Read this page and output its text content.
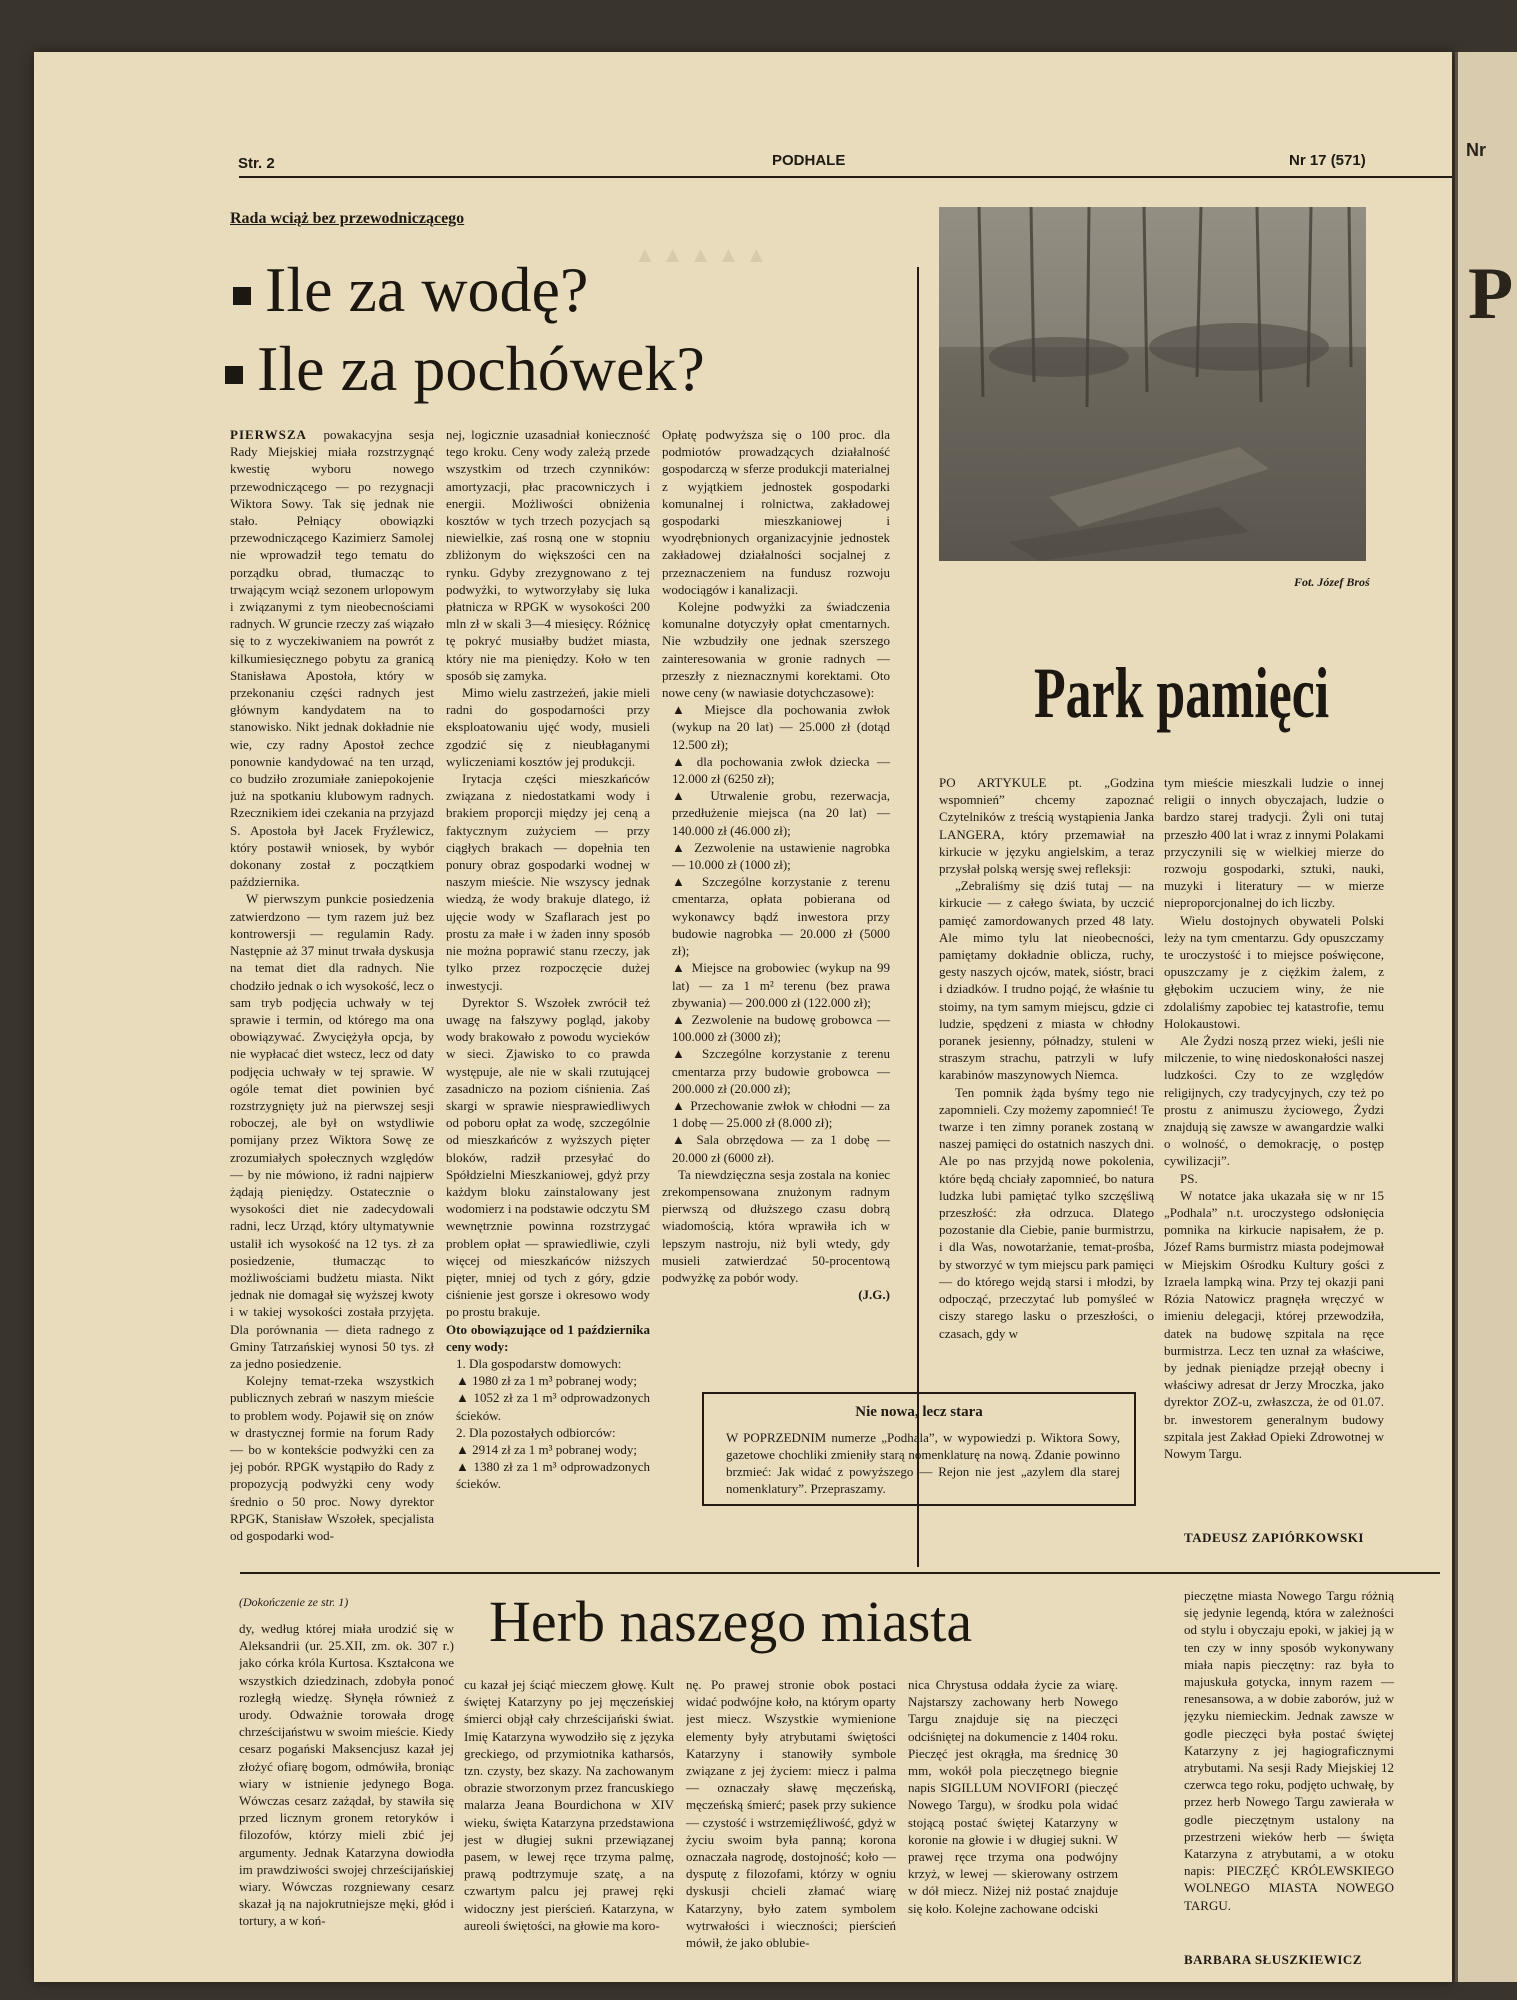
Str. 2	PODHALE	Nr 17 (571)
▲ ▲ ▲ ▲ ▲
Rada wciąż bez przewodniczącego
Ile za wodę?
Ile za pochówek?

PIERWSZA powakacyjna sesja Rady Miejskiej miała rozstrzygnąć kwestię wyboru nowego przewodniczącego — po rezygnacji Wiktora Sowy. Tak się jednak nie stało. Pełniący obowiązki przewodniczącego Kazimierz Samolej nie wprowadził tego tematu do porządku obrad, tłumacząc to trwającym wciąż sezonem urlopowym i związanymi z tym nieobecnościami radnych. W gruncie rzeczy zaś wiązało się to z wyczekiwaniem na powrót z kilkumiesięcznego pobytu za granicą Stanisława Apostoła, który w przekonaniu części radnych jest głównym kandydatem na to stanowisko. Nikt jednak dokładnie nie wie, czy radny Apostoł zechce ponownie kandydować na ten urząd, co budziło zrozumiałe zaniepokojenie już na spotkaniu klubowym radnych. Rzecznikiem idei czekania na przyjazd S. Apostoła był Jacek Fryźlewicz, który postawił wniosek, by wybór dokonany został z początkiem października.

W pierwszym punkcie posiedzenia zatwierdzono — tym razem już bez kontrowersji — regulamin Rady. Następnie aż 37 minut trwała dyskusja na temat diet dla radnych. Nie chodziło jednak o ich wysokość, lecz o sam tryb podjęcia uchwały w tej sprawie i termin, od którego ma ona obowiązywać. Zwyciężyła opcja, by nie wypłacać diet wstecz, lecz od daty podjęcia uchwały w tej sprawie. W ogóle temat diet powinien być rozstrzygnięty już na pierwszej sesji roboczej, ale był on wstydliwie pomijany przez Wiktora Sowę ze zrozumiałych społecznych względów — by nie mówiono, iż radni najpierw żądają pieniędzy. Ostatecznie o wysokości diet nie zadecydowali radni, lecz Urząd, który ultymatywnie ustalił ich wysokość na 12 tys. zł za posiedzenie, tłumacząc to możliwościami budżetu miasta. Nikt jednak nie domagał się wyższej kwoty i w takiej wysokości została przyjęta. Dla porównania — dieta radnego z Gminy Tatrzańskiej wynosi 50 tys. zł za jedno posiedzenie.

Kolejny temat-rzeka wszystkich publicznych zebrań w naszym mieście to problem wody. Pojawił się on znów w drastycznej formie na forum Rady — bo w kontekście podwyżki cen za jej pobór. RPGK wystąpiło do Rady z propozycją podwyżki ceny wody średnio o 50 proc. Nowy dyrektor RPGK, Stanisław Wszołek, specjalista od gospodarki wod-

nej, logicznie uzasadniał konieczność tego kroku. Ceny wody zależą przede wszystkim od trzech czynników: amortyzacji, płac pracowniczych i energii. Możliwości obniżenia kosztów w tych trzech pozycjach są niewielkie, zaś rosną one w stopniu zbliżonym do większości cen na rynku. Gdyby zrezygnowano z tej podwyżki, to wytworzyłaby się luka płatnicza w RPGK w wysokości 200 mln zł w skali 3—4 miesięcy. Różnicę tę pokryć musiałby budżet miasta, który nie ma pieniędzy. Koło w ten sposób się zamyka.

Mimo wielu zastrzeżeń, jakie mieli radni do gospodarności przy eksploatowaniu ujęć wody, musieli zgodzić się z nieubłaganymi wyliczeniami kosztów jej produkcji.

Irytacja części mieszkańców związana z niedostatkami wody i brakiem proporcji między jej ceną a faktycznym zużyciem — przy ciągłych brakach — dopełnia ten ponury obraz gospodarki wodnej w naszym mieście. Nie wszyscy jednak wiedzą, że wody brakuje dlatego, iż ujęcie wody w Szaflarach jest po prostu za małe i w żaden inny sposób nie można poprawić stanu rzeczy, jak tylko przez rozpoczęcie dużej inwestycji.

Dyrektor S. Wszołek zwrócił też uwagę na fałszywy pogląd, jakoby wody brakowało z powodu wycieków w sieci. Zjawisko to co prawda występuje, ale nie w skali rzutującej zasadniczo na poziom ciśnienia. Zaś skargi w sprawie niesprawiedliwych od poboru opłat za wodę, szczególnie od mieszkańców z wyższych pięter bloków, radził przesyłać do Spółdzielni Mieszkaniowej, gdyż przy każdym bloku zainstalowany jest wodomierz i na podstawie odczytu SM wewnętrznie powinna rozstrzygać problem opłat — sprawiedliwie, czyli więcej od mieszkańców niższych pięter, mniej od tych z góry, gdzie ciśnienie jest gorsze i okresowo wody po prostu brakuje.

Oto obowiązujące od 1 października ceny wody:

1. Dla gospodarstw domowych:

▲ 1980 zł za 1 m³ pobranej wody;

▲ 1052 zł za 1 m³ odprowadzonych ścieków.

2. Dla pozostałych odbiorców:

▲ 2914 zł za 1 m³ pobranej wody;

▲ 1380 zł za 1 m³ odprowadzonych ścieków.

Opłatę podwyższa się o 100 proc. dla podmiotów prowadzących działalność gospodarczą w sferze produkcji materialnej z wyjątkiem jednostek gospodarki komunalnej i rolnictwa, zakładowej gospodarki mieszkaniowej i wyodrębnionych organizacyjnie jednostek zakładowej działalności socjalnej z przeznaczeniem na fundusz rozwoju wodociągów i kanalizacji.

Kolejne podwyżki za świadczenia komunalne dotyczyły opłat cmentarnych. Nie wzbudziły one jednak szerszego zainteresowania w gronie radnych — przeszły z nieznacznymi korektami. Oto nowe ceny (w nawiasie dotychczasowe):

▲ Miejsce dla pochowania zwłok (wykup na 20 lat) — 25.000 zł (dotąd 12.500 zł);

▲ dla pochowania zwłok dziecka — 12.000 zł (6250 zł);

▲ Utrwalenie grobu, rezerwacja, przedłużenie miejsca (na 20 lat) — 140.000 zł (46.000 zł);

▲ Zezwolenie na ustawienie nagrobka — 10.000 zł (1000 zł);

▲ Szczególne korzystanie z terenu cmentarza, opłata pobierana od wykonawcy bądź inwestora przy budowie nagrobka — 20.000 zł (5000 zł);

▲ Miejsce na grobowiec (wykup na 99 lat) — za 1 m² terenu (bez prawa zbywania) — 200.000 zł (122.000 zł);

▲ Zezwolenie na budowę grobowca — 100.000 zł (3000 zł);

▲ Szczególne korzystanie z terenu cmentarza przy budowie grobowca — 200.000 zł (20.000 zł);

▲ Przechowanie zwłok w chłodni — za 1 dobę — 25.000 zł (8.000 zł);

▲ Sala obrzędowa — za 1 dobę — 20.000 zł (6000 zł).

Ta niewdzięczna sesja zostala na koniec zrekompensowana znużonym radnym pierwszą od dłuższego czasu dobrą wiadomością, która wprawiła ich w lepszym nastroju, niż byli wtedy, gdy musieli zatwierdzać 50-procentową podwyżkę za pobór wody.

(J.G.)

Fot. Józef Broś
Park pamięci

PO ARTYKULE pt. „Godzina wspomnień” chcemy zapoznać Czytelników z treścią wystąpienia Janka LANGERA, który przemawiał na kirkucie w języku angielskim, a teraz przysłał polską wersję swej refleksji:

„Zebraliśmy się dziś tutaj — na kirkucie — z całego świata, by uczcić pamięć zamordowanych przed 48 laty. Ale mimo tylu lat nieobecności, pamiętamy dokładnie oblicza, ruchy, gesty naszych ojców, matek, sióstr, braci i dziadków. I trudno pojąć, że właśnie tu stoimy, na tym samym miejscu, gdzie ci ludzie, spędzeni z miasta w chłodny poranek jesienny, półnadzy, stuleni w straszym strachu, patrzyli w lufy karabinów maszynowych Niemca.

Ten pomnik żąda byśmy tego nie zapomnieli. Czy możemy zapomnieć! Te twarze i ten zimny poranek zostaną w naszej pamięci do ostatnich naszych dni. Ale po nas przyjdą nowe pokolenia, które będą chciały zapomnieć, bo natura ludzka lubi pamiętać tylko szczęśliwą przeszłość: zła odrzuca. Dlatego pozostanie dla Ciebie, panie burmistrzu, i dla Was, nowotarżanie, temat-prośba, by stworzyć w tym miejscu park pamięci — do którego wejdą starsi i młodzi, by odpocząć, przeczytać lub pomyśleć w ciszy starego lasku o przeszłości, o czasach, gdy w

tym mieście mieszkali ludzie o innej religii o innych obyczajach, ludzie o bardzo starej tradycji. Żyli oni tutaj przeszło 400 lat i wraz z innymi Polakami przyczynili się w wielkiej mierze do rozwoju gospodarki, sztuki, nauki, muzyki i literatury — w mierze nieproporcjonalnej do ich liczby.

Wielu dostojnych obywateli Polski leży na tym cmentarzu. Gdy opuszczamy te uroczystość i to miejsce poświęcone, opuszczamy je z ciężkim żalem, z głębokim uczuciem winy, że nie zdolaliśmy zapobiec tej katastrofie, temu Holokaustowi.

Ale Żydzi noszą przez wieki, jeśli nie milczenie, to winę niedoskonałości naszej ludzkości. Czy to ze względów religijnych, czy tradycyjnych, czy też po prostu z animuszu życiowego, Żydzi znajdują się zawsze w awangardzie walki o wolność, o demokrację, o postęp cywilizacji”.

PS.

W notatce jaka ukazała się w nr 15 „Podhala” n.t. uroczystego odsłonięcia pomnika na kirkucie napisałem, że p. Józef Rams burmistrz miasta podejmował w Miejskim Ośrodku Kultury gości z Izraela lampką wina. Przy tej okazji pani Rózia Natowicz pragnęła wręczyć w imieniu delegacji, której przewodziła, datek na budowę szpitala na ręce burmistrza. Lecz ten uznał za właściwe, by jednak pieniądze przejął obecny i właściwy adresat dr Jerzy Mroczka, jako dyrektor ZOZ-u, zwłaszcza, że od 01.07. br. inwestorem generalnym budowy szpitala jest Zakład Opieki Zdrowotnej w Nowym Targu.

TADEUSZ ZAPIÓRKOWSKI
Nie nowa, lecz stara
W POPRZEDNIM numerze „Podhala”, w wypowiedzi p. Wiktora Sowy, gazetowe chochliki zmieniły starą nomenklaturę na nową. Zdanie powinno brzmieć: Jak widać z powyższego — Rejon nie jest „azylem dla starej nomenklatury”. Przepraszamy.
(Dokończenie ze str. 1) Herb naszego miasta

dy, według której miała urodzić się w Aleksandrii (ur. 25.XII, zm. ok. 307 r.) jako córka króla Kurtosa. Kształcona we wszystkich dziedzinach, zdobyła ponoć rozległą wiedzę. Słynęła również z urody. Odważnie torowała drogę chrześcijaństwu w swoim mieście. Kiedy cesarz pogański Maksencjusz kazał jej złożyć ofiarę bogom, odmówiła, broniąc wiary w istnienie jedynego Boga. Wówczas cesarz zażądał, by stawiła się przed licznym gronem retoryków i filozofów, którzy mieli zbić jej argumenty. Jednak Katarzyna dowiodła im prawdziwości swojej chrześcijańskiej wiary. Wówczas rozgniewany cesarz skazał ją na najokrutniejsze męki, głód i tortury, a w koń-

cu kazał jej ściąć mieczem głowę. Kult świętej Katarzyny po jej męczeńskiej śmierci objął cały chrześcijański świat. Imię Katarzyna wywodziło się z języka greckiego, od przymiotnika katharsós, tzn. czysty, bez skazy. Na zachowanym obrazie stworzonym przez francuskiego malarza Jeana Bourdichona w XIV wieku, święta Katarzyna przedstawiona jest w długiej sukni przewiązanej pasem, w lewej ręce trzyma palmę, prawą podtrzymuje szatę, a na czwartym palcu jej prawej ręki widoczny jest pierścień. Katarzyna, w aureoli świętości, na głowie ma koro-

nę. Po prawej stronie obok postaci widać podwójne koło, na którym oparty jest miecz. Wszystkie wymienione elementy były atrybutami świętości Katarzyny i stanowiły symbole związane z jej życiem: miecz i palma — oznaczały sławę męczeńską, męczeńską śmierć; pasek przy sukience — czystość i wstrzemięźliwość, gdyż w życiu swoim była panną; korona oznaczała nagrodę, dostojność; koło — dysputę z filozofami, którzy w ogniu dyskusji chcieli złamać wiarę Katarzyny, było zatem symbolem wytrwałości i wieczności; pierścień mówił, że jako oblubie-

nica Chrystusa oddała życie za wiarę. Najstarszy zachowany herb Nowego Targu znajduje się na pieczęci odciśniętej na dokumencie z 1404 roku. Pieczęć jest okrągła, ma średnicę 30 mm, wokół pola pieczętnego biegnie napis SIGILLUM NOVIFORI (pieczęć Nowego Targu), w środku pola widać stojącą postać świętej Katarzyny w koronie na głowie i w długiej sukni. W prawej ręce trzyma ona podwójny krzyż, w lewej — skierowany ostrzem w dół miecz. Niżej niż postać znajduje się koło. Kolejne zachowane odciski

pieczętne miasta Nowego Targu różnią się jedynie legendą, która w zależności od stylu i obyczaju epoki, w jakiej ją w ten czy w inny sposób wykonywany miała napis pieczętny: raz była to majuskuła gotycka, innym razem — renesansowa, a w dobie zaborów, już w języku niemieckim. Jednak zawsze w godle pieczęci była postać świętej Katarzyny z jej hagiograficznymi atrybutami. Na sesji Rady Miejskiej 12 czerwca tego roku, podjęto uchwałę, by przez herb Nowego Targu zawierała w godle pieczętnym ustalony na przestrzeni wieków herb — święta Katarzyna z atrybutami, a w otoku napis: PIECZĘĆ KRÓLEWSKIEGO WOLNEGO MIASTA NOWEGO TARGU.

BARBARA SŁUSZKIEWICZ
Nr
P
